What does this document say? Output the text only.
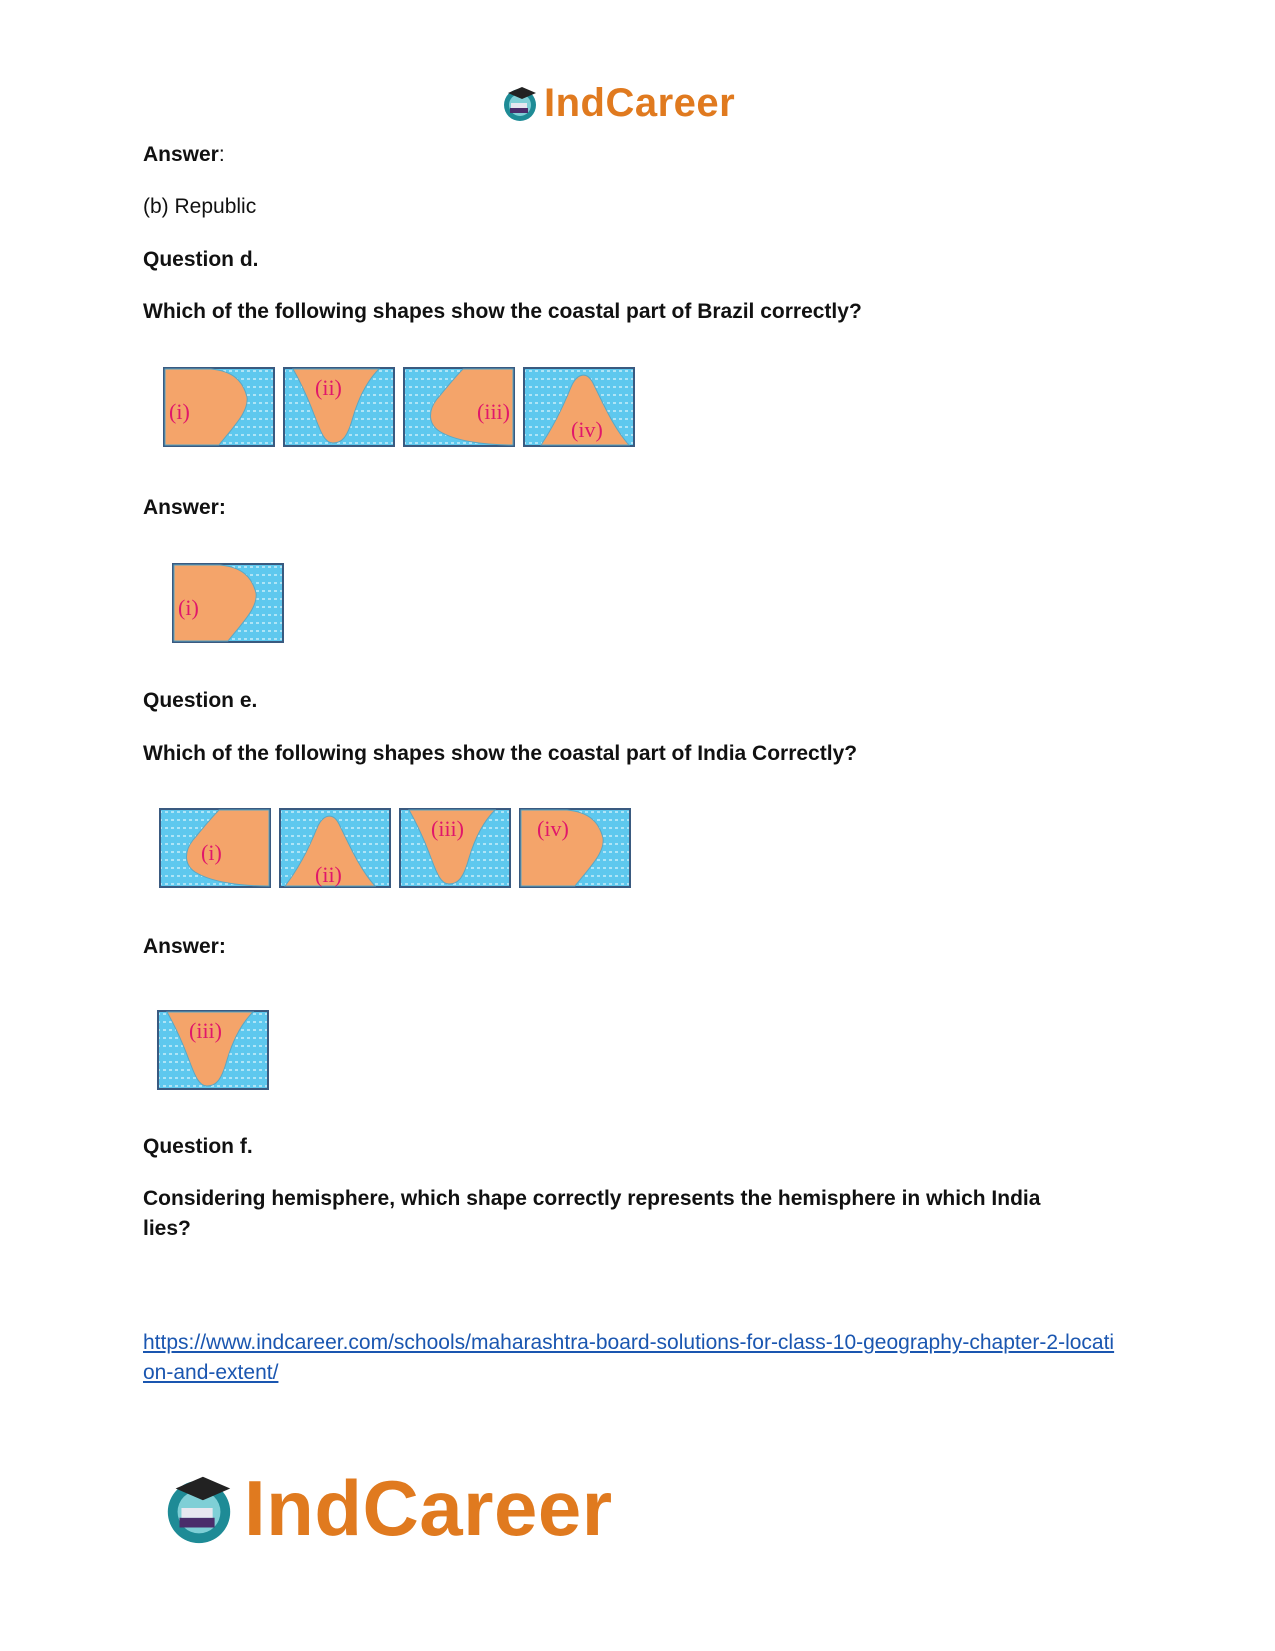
IndCareer
Answer:
(b) Republic
Question d.
Which of the following shapes show the coastal part of Brazil correctly?
(i)
(ii)
(iii)
(iv)
Answer:
(i)
Question e.
Which of the following shapes show the coastal part of India Correctly?
(i)
(ii)
(iii)	(iv)
Answer:
(iii)
Question f.
Considering hemisphere, which shape correctly represents the hemisphere in which India lies?
https://www.indcareer.com/schools/maharashtra-board-solutions-for-class-10-geography-chapter-2-location-and-extent/
IndCareer
